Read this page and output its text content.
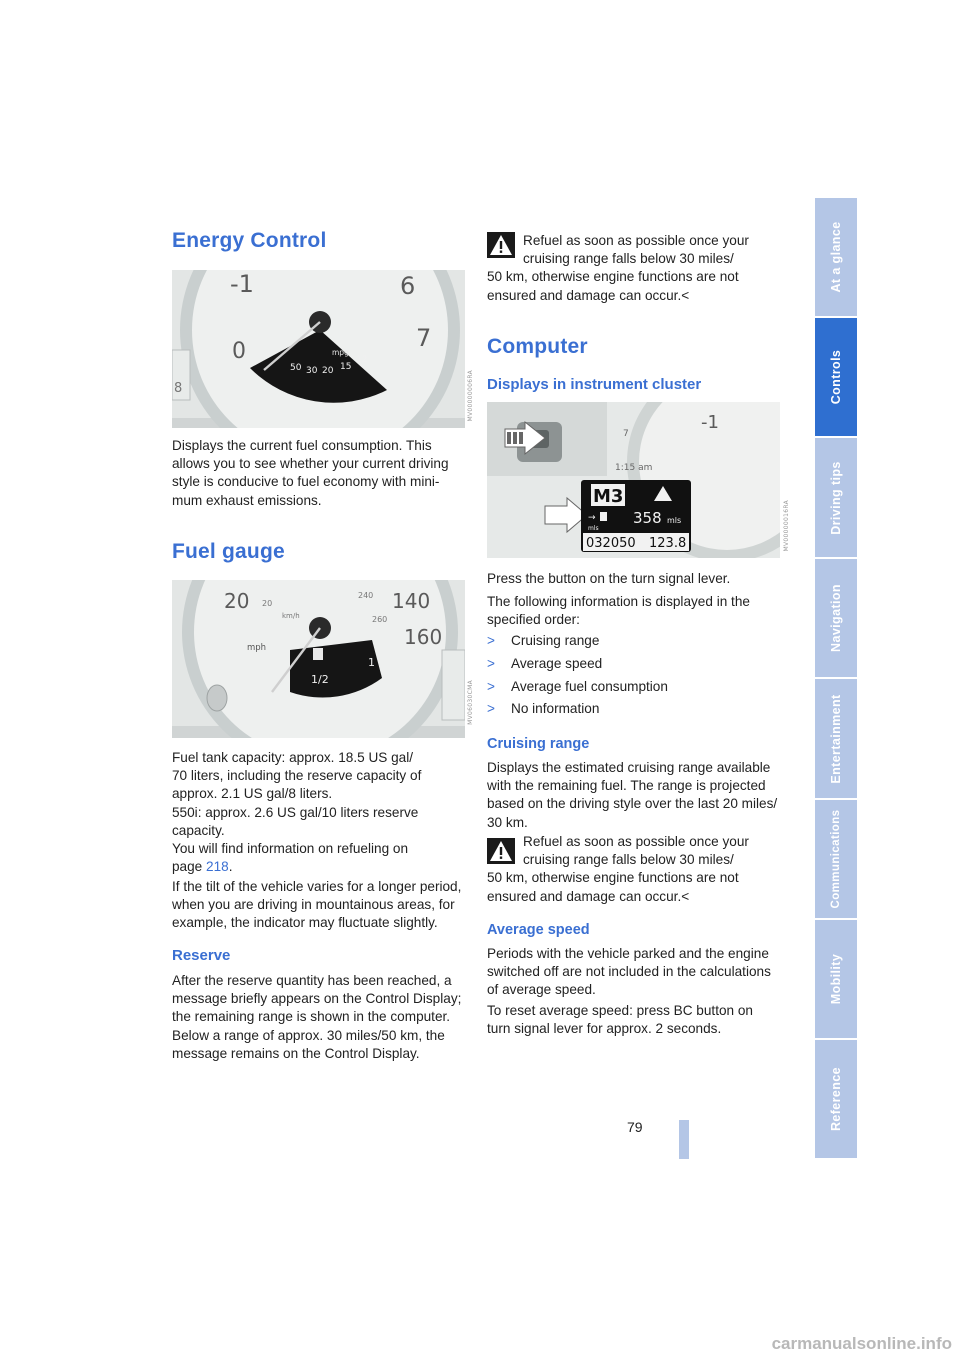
Energy Control
mpg
50 30 20 15
12
-1
0
6
7
8	MV00000006RA

Displays the current fuel consumption. This
allows you to see whether your current driving
style is conducive to fuel economy with mini-
mum exhaust emissions.

Fuel gauge
mph
20	140
160
1
1/2
20
240
260
km/h
MV06030CMA

Fuel tank capacity: approx. 18.5 US gal/
70 liters, including the reserve capacity of
approx. 2.1 US gal/8 liters.
550i: approx. 2.6 US gal/10 liters reserve
capacity.
You will find information on refueling on
page 218.

If the tilt of the vehicle varies for a longer period,
when you are driving in mountainous areas, for
example, the indicator may fluctuate slightly.

Reserve

After the reserve quantity has been reached, a
message briefly appears on the Control Display;
the remaining range is shown in the computer.
Below a range of approx. 30 miles/50 km, the
message remains on the Control Display.

Refuel as soon as possible once your
cruising range falls below 30 miles/
50 km, otherwise engine functions are not
ensured and damage can occur.<

Computer
Displays in instrument cluster
-1
7
1:15 am
M3
→ 358 mls
mls
032050 123.8	MV00000016RA

Press the button on the turn signal lever.

The following information is displayed in the
specified order:

> Cruising range
> Average speed
> Average fuel consumption
> No information
Cruising range

Displays the estimated cruising range available
with the remaining fuel. The range is projected
based on the driving style over the last 20 miles/
30 km.

Refuel as soon as possible once your
cruising range falls below 30 miles/
50 km, otherwise engine functions are not
ensured and damage can occur.<

Average speed

Periods with the vehicle parked and the engine
switched off are not included in the calculations
of average speed.

To reset average speed: press BC button on
turn signal lever for approx. 2 seconds.

79
At a glance
Controls
Driving tips
Navigation
Entertainment
Communications
Mobility
Reference
carmanualsonline.info
